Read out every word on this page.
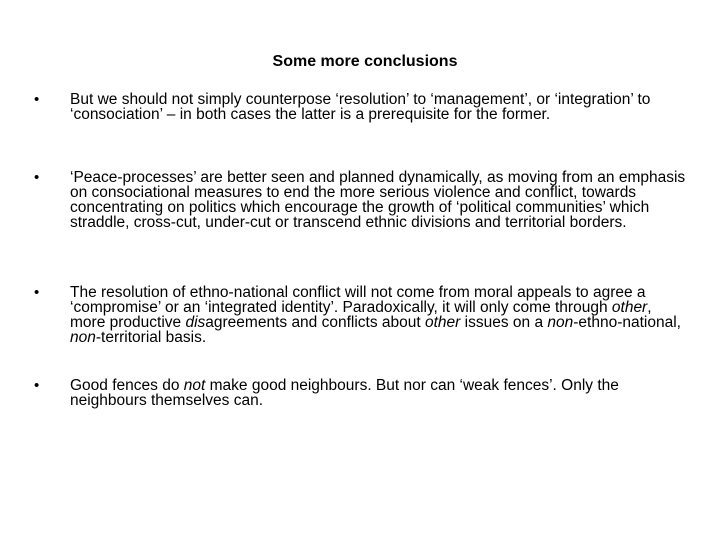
Some more conclusions
•	But we should not simply counterpose ‘resolution’ to ‘management’, or ‘integration’ to ‘consociation’ – in both cases the latter is a prerequisite for the former.
•	‘Peace-processes’ are better seen and planned dynamically, as moving from an emphasis on consociational measures to end the more serious violence and conflict, towards concentrating on politics which encourage the growth of ‘political communities’ which straddle, cross-cut, under-cut or transcend ethnic divisions and territorial borders.
•	The resolution of ethno-national conflict will not come from moral appeals to agree a ‘compromise’ or an ‘integrated identity’. Paradoxically, it will only come through other, more productive disagreements and conflicts about other issues on a non-ethno-national, non-territorial basis.
•	Good fences do not make good neighbours. But nor can ‘weak fences’. Only the neighbours themselves can.
